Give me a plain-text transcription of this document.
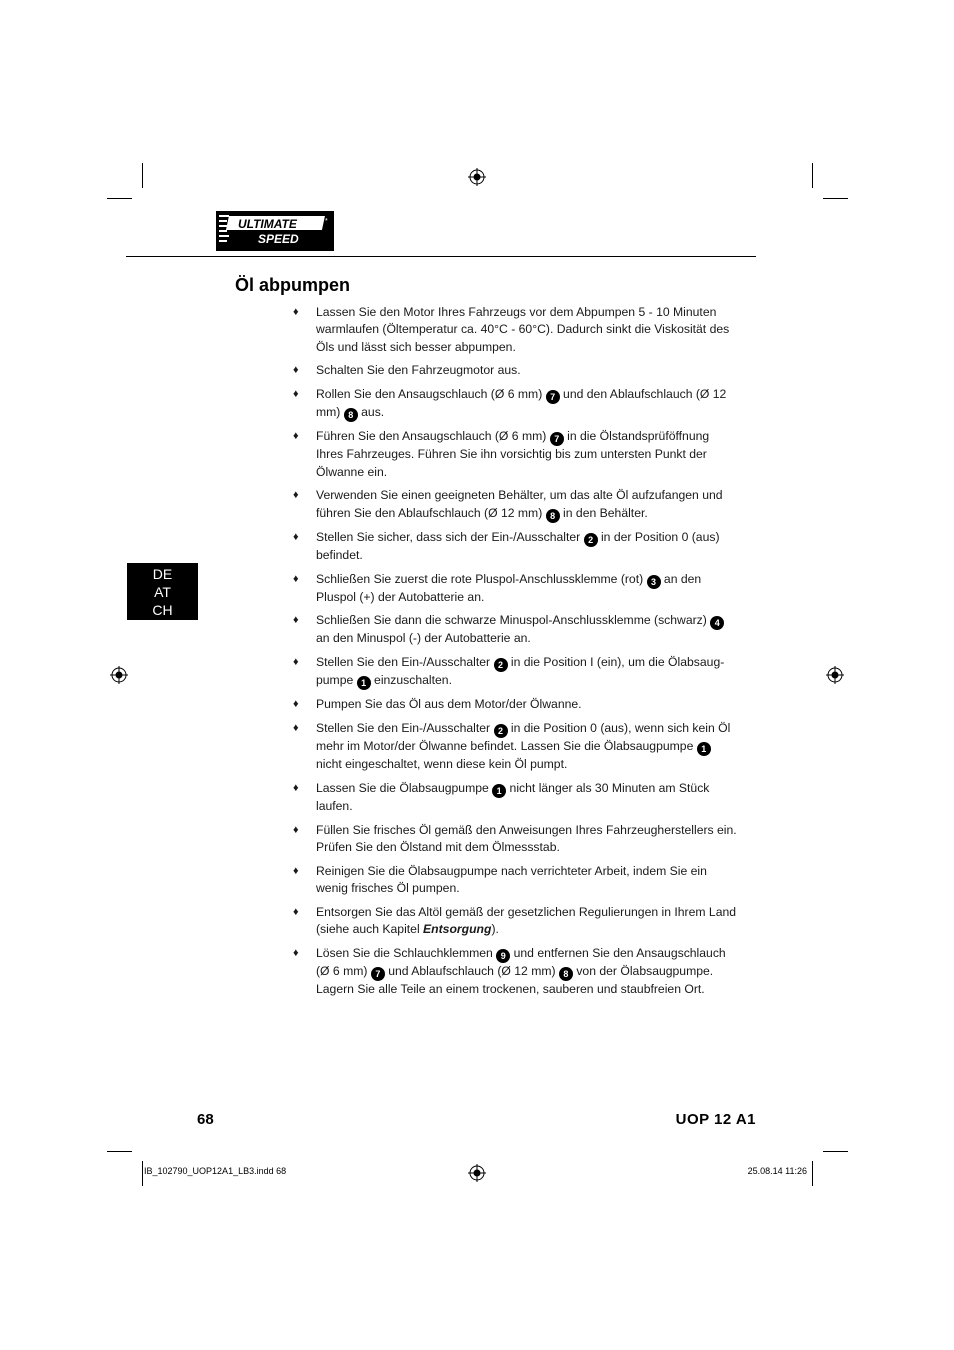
ULTIMATE
SPEED
*
Öl abpumpen
DE
AT
CH
♦ Lassen Sie den Motor Ihres Fahrzeugs vor dem Abpumpen 5 - 10 Minuten warmlaufen (Öltemperatur ca. 40°C - 60°C). Dadurch sinkt die Viskosität des Öls und lässt sich besser abpumpen.
♦ Schalten Sie den Fahrzeugmotor aus.
♦ Rollen Sie den Ansaugschlauch (Ø 6 mm) 7 und den Ablaufschlauch (Ø 12 mm) 8 aus.
♦ Führen Sie den Ansaugschlauch (Ø 6 mm) 7 in die Ölstandsprüföffnung Ihres Fahrzeuges. Führen Sie ihn vorsichtig bis zum untersten Punkt der Ölwanne ein.
♦ Verwenden Sie einen geeigneten Behälter, um das alte Öl aufzufangen und führen Sie den Ablaufschlauch (Ø 12 mm) 8 in den Behälter.
♦ Stellen Sie sicher, dass sich der Ein-/Ausschalter 2 in der Position 0 (aus) befindet.
♦ Schließen Sie zuerst die rote Pluspol-Anschlussklemme (rot) 3 an den Pluspol (+) der Autobatterie an.
♦ Schließen Sie dann die schwarze Minuspol-Anschlussklemme (schwarz) 4 an den Minuspol (-) der Autobatterie an.
♦ Stellen Sie den Ein-/Ausschalter 2 in die Position I (ein), um die Ölabsaugpumpe 1 einzuschalten.
♦ Pumpen Sie das Öl aus dem Motor/der Ölwanne.
♦ Stellen Sie den Ein-/Ausschalter 2 in die Position 0 (aus), wenn sich kein Öl mehr im Motor/der Ölwanne befindet. Lassen Sie die Ölabsaugpumpe 1 nicht eingeschaltet, wenn diese kein Öl pumpt.
♦ Lassen Sie die Ölabsaugpumpe 1 nicht länger als 30 Minuten am Stück laufen.
♦ Füllen Sie frisches Öl gemäß den Anweisungen Ihres Fahrzeugherstellers ein. Prüfen Sie den Ölstand mit dem Ölmessstab.
♦ Reinigen Sie die Ölabsaugpumpe nach verrichteter Arbeit, indem Sie ein wenig frisches Öl pumpen.
♦ Entsorgen Sie das Altöl gemäß der gesetzlichen Regulierungen in Ihrem Land (siehe auch Kapitel Entsorgung).
♦ Lösen Sie die Schlauchklemmen 9 und entfernen Sie den Ansaugschlauch (Ø 6 mm) 7 und Ablaufschlauch (Ø 12 mm) 8 von der Ölabsaugpumpe. Lagern Sie alle Teile an einem trockenen, sauberen und staubfreien Ort.
68	UOP 12 A1
IB_102790_UOP12A1_LB3.indd 68	25.08.14 11:26
